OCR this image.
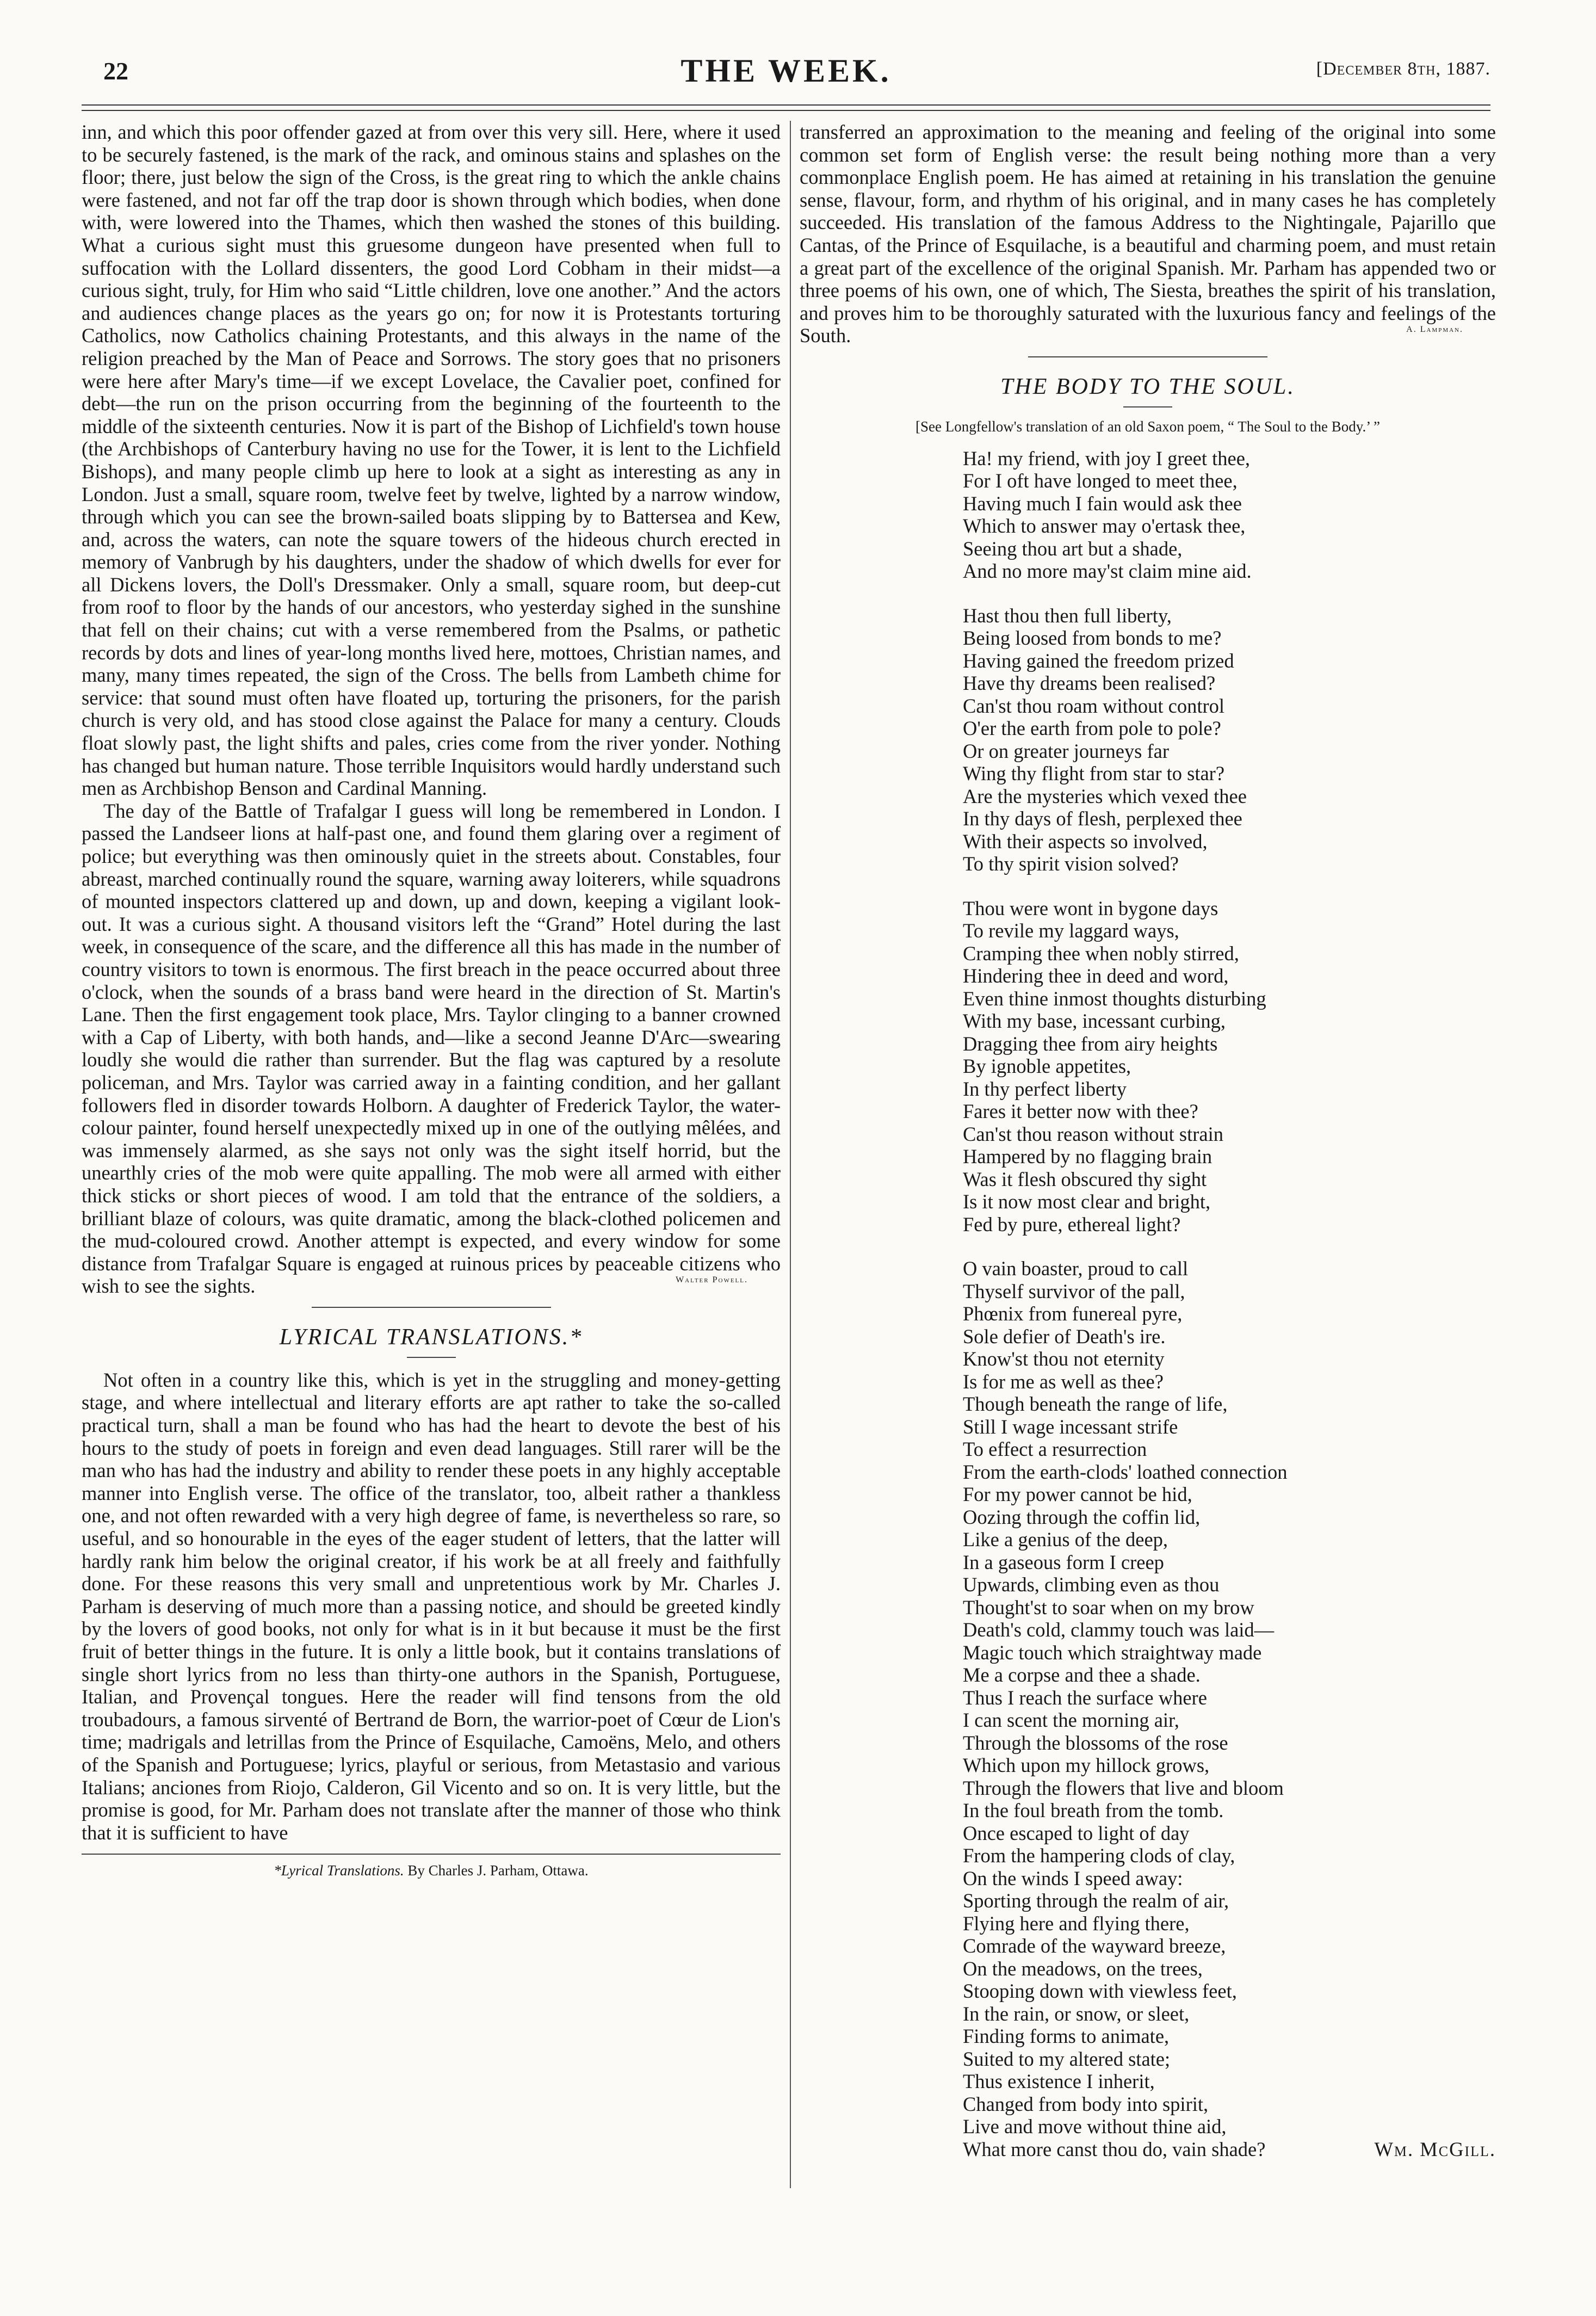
22	THE WEEK.	[December 8th, 1887.

inn, and which this poor offender gazed at from over this very sill. Here, where it used to be securely fastened, is the mark of the rack, and ominous stains and splashes on the floor; there, just below the sign of the Cross, is the great ring to which the ankle chains were fastened, and not far off the trap door is shown through which bodies, when done with, were lowered into the Thames, which then washed the stones of this building. What a curious sight must this gruesome dungeon have presented when full to suffocation with the Lollard dissenters, the good Lord Cobham in their midst—a curious sight, truly, for Him who said “Little children, love one another.” And the actors and audiences change places as the years go on; for now it is Protestants torturing Catholics, now Catholics chaining Protestants, and this always in the name of the religion preached by the Man of Peace and Sorrows. The story goes that no prisoners were here after Mary's time—if we except Lovelace, the Cavalier poet, confined for debt—the run on the prison occurring from the beginning of the fourteenth to the middle of the sixteenth centuries. Now it is part of the Bishop of Lichfield's town house (the Archbishops of Canterbury having no use for the Tower, it is lent to the Lichfield Bishops), and many people climb up here to look at a sight as interesting as any in London. Just a small, square room, twelve feet by twelve, lighted by a narrow window, through which you can see the brown-sailed boats slipping by to Battersea and Kew, and, across the waters, can note the square towers of the hideous church erected in memory of Vanbrugh by his daughters, under the shadow of which dwells for ever for all Dickens lovers, the Doll's Dressmaker. Only a small, square room, but deep-cut from roof to floor by the hands of our ancestors, who yesterday sighed in the sunshine that fell on their chains; cut with a verse remembered from the Psalms, or pathetic records by dots and lines of year-long months lived here, mottoes, Christian names, and many, many times repeated, the sign of the Cross. The bells from Lambeth chime for service: that sound must often have floated up, torturing the prisoners, for the parish church is very old, and has stood close against the Palace for many a century. Clouds float slowly past, the light shifts and pales, cries come from the river yonder. Nothing has changed but human nature. Those terrible Inquisitors would hardly understand such men as Archbishop Benson and Cardinal Manning.

The day of the Battle of Trafalgar I guess will long be remembered in London. I passed the Landseer lions at half-past one, and found them glaring over a regiment of police; but everything was then ominously quiet in the streets about. Constables, four abreast, marched continually round the square, warning away loiterers, while squadrons of mounted inspectors clattered up and down, up and down, keeping a vigilant look-out. It was a curious sight. A thousand visitors left the “Grand” Hotel during the last week, in consequence of the scare, and the difference all this has made in the number of country visitors to town is enormous. The first breach in the peace occurred about three o'clock, when the sounds of a brass band were heard in the direction of St. Martin's Lane. Then the first engagement took place, Mrs. Taylor clinging to a banner crowned with a Cap of Liberty, with both hands, and—like a second Jeanne D'Arc—swearing loudly she would die rather than surrender. But the flag was captured by a resolute policeman, and Mrs. Taylor was carried away in a fainting condition, and her gallant followers fled in disorder towards Holborn. A daughter of Frederick Taylor, the water-colour painter, found herself unexpectedly mixed up in one of the outlying mêlées, and was immensely alarmed, as she says not only was the sight itself horrid, but the unearthly cries of the mob were quite appalling. The mob were all armed with either thick sticks or short pieces of wood. I am told that the entrance of the soldiers, a brilliant blaze of colours, was quite dramatic, among the black-clothed policemen and the mud-coloured crowd. Another attempt is expected, and every window for some distance from Trafalgar Square is engaged at ruinous prices by peaceable citizens who wish to see the sights.	Walter Powell.
LYRICAL TRANSLATIONS.*

Not often in a country like this, which is yet in the struggling and money-getting stage, and where intellectual and literary efforts are apt rather to take the so-called practical turn, shall a man be found who has had the heart to devote the best of his hours to the study of poets in foreign and even dead languages. Still rarer will be the man who has had the industry and ability to render these poets in any highly acceptable manner into English verse. The office of the translator, too, albeit rather a thankless one, and not often rewarded with a very high degree of fame, is nevertheless so rare, so useful, and so honourable in the eyes of the eager student of letters, that the latter will hardly rank him below the original creator, if his work be at all freely and faithfully done. For these reasons this very small and unpretentious work by Mr. Charles J. Parham is deserving of much more than a passing notice, and should be greeted kindly by the lovers of good books, not only for what is in it but because it must be the first fruit of better things in the future. It is only a little book, but it contains translations of single short lyrics from no less than thirty-one authors in the Spanish, Portuguese, Italian, and Provençal tongues. Here the reader will find tensons from the old troubadours, a famous sirventé of Bertrand de Born, the warrior-poet of Cœur de Lion's time; madrigals and letrillas from the Prince of Esquilache, Camoëns, Melo, and others of the Spanish and Portuguese; lyrics, playful or serious, from Metastasio and various Italians; anciones from Riojo, Calderon, Gil Vicento and so on. It is very little, but the promise is good, for Mr. Parham does not translate after the manner of those who think that it is sufficient to have

*Lyrical Translations. By Charles J. Parham, Ottawa.

transferred an approximation to the meaning and feeling of the original into some common set form of English verse: the result being nothing more than a very commonplace English poem. He has aimed at retaining in his translation the genuine sense, flavour, form, and rhythm of his original, and in many cases he has completely succeeded. His translation of the famous Address to the Nightingale, Pajarillo que Cantas, of the Prince of Esquilache, is a beautiful and charming poem, and must retain a great part of the excellence of the original Spanish. Mr. Parham has appended two or three poems of his own, one of which, The Siesta, breathes the spirit of his translation, and proves him to be thoroughly saturated with the luxurious fancy and feelings of the South.	A. Lampman.
THE BODY TO THE SOUL.
[See Longfellow's translation of an old Saxon poem, “ The Soul to the Body.’ ”
Ha! my friend, with joy I greet thee,
For I oft have longed to meet thee,
Having much I fain would ask thee
Which to answer may o'ertask thee,
Seeing thou art but a shade,
And no more may'st claim mine aid.
Hast thou then full liberty,
Being loosed from bonds to me?
Having gained the freedom prized
Have thy dreams been realised?
Can'st thou roam without control
O'er the earth from pole to pole?
Or on greater journeys far
Wing thy flight from star to star?
Are the mysteries which vexed thee
In thy days of flesh, perplexed thee
With their aspects so involved,
To thy spirit vision solved?
Thou were wont in bygone days
To revile my laggard ways,
Cramping thee when nobly stirred,
Hindering thee in deed and word,
Even thine inmost thoughts disturbing
With my base, incessant curbing,
Dragging thee from airy heights
By ignoble appetites,
In thy perfect liberty
Fares it better now with thee?
Can'st thou reason without strain
Hampered by no flagging brain
Was it flesh obscured thy sight
Is it now most clear and bright,
Fed by pure, ethereal light?
O vain boaster, proud to call
Thyself survivor of the pall,
Phœnix from funereal pyre,
Sole defier of Death's ire.
Know'st thou not eternity
Is for me as well as thee?
Though beneath the range of life,
Still I wage incessant strife
To effect a resurrection
From the earth-clods' loathed connection
For my power cannot be hid,
Oozing through the coffin lid,
Like a genius of the deep,
In a gaseous form I creep
Upwards, climbing even as thou
Thought'st to soar when on my brow
Death's cold, clammy touch was laid—
Magic touch which straightway made
Me a corpse and thee a shade.
Thus I reach the surface where
I can scent the morning air,
Through the blossoms of the rose
Which upon my hillock grows,
Through the flowers that live and bloom
In the foul breath from the tomb.
Once escaped to light of day
From the hampering clods of clay,
On the winds I speed away:
Sporting through the realm of air,
Flying here and flying there,
Comrade of the wayward breeze,
On the meadows, on the trees,
Stooping down with viewless feet,
In the rain, or snow, or sleet,
Finding forms to animate,
Suited to my altered state;
Thus existence I inherit,
Changed from body into spirit,
Live and move without thine aid,
What more canst thou do, vain shade?	Wm. McGill.
